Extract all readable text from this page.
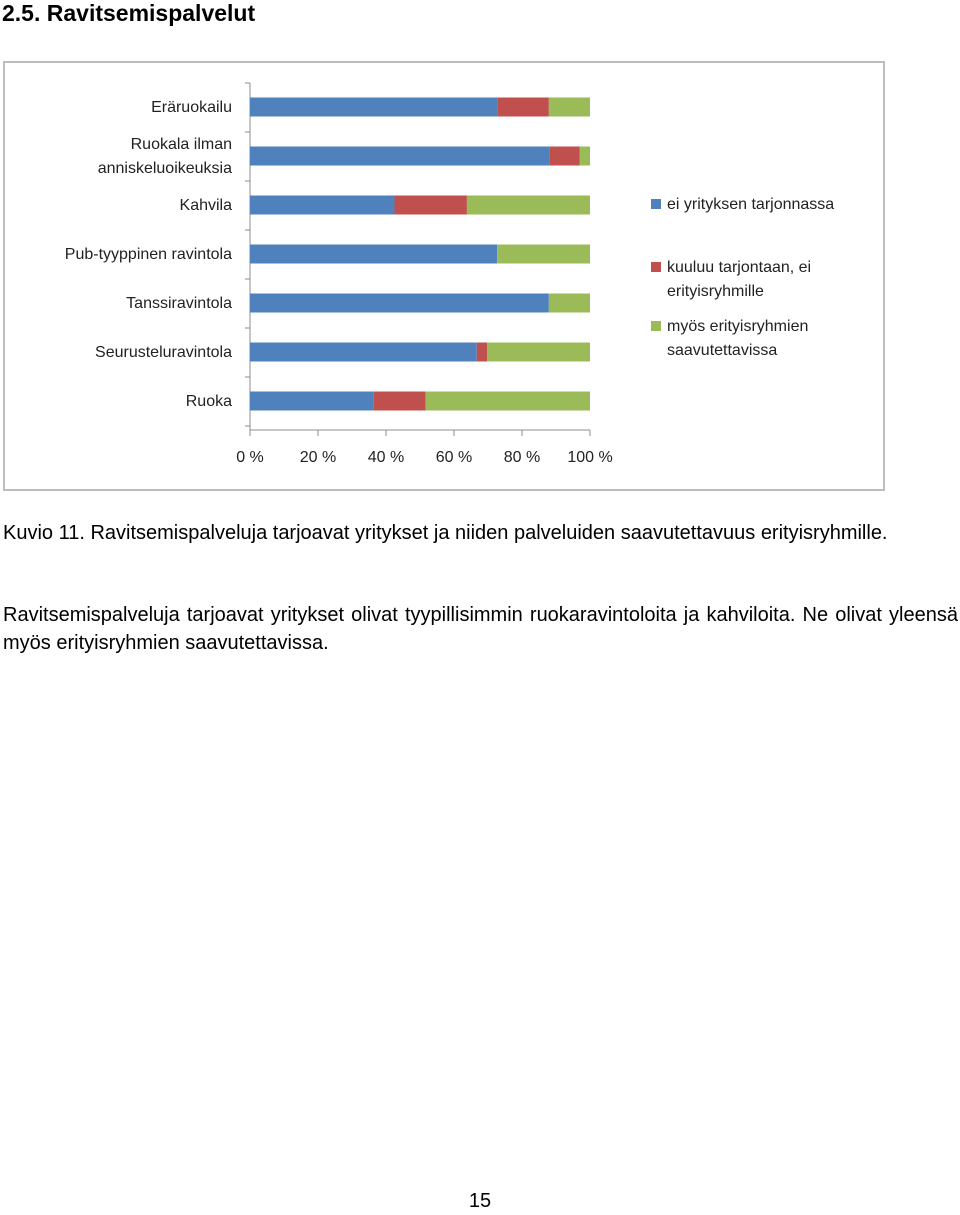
2.5. Ravitsemispalvelut
0 % 20 % 40 % 60 % 80 % 100 %
Eräruokailu
Ruokala ilman anniskeluoikeuksia
Kahvila
Pub-tyyppinen ravintola
Tanssiravintola
Seurusteluravintola
Ruoka
ei yrityksen tarjonnassa
kuuluu tarjontaan, ei erityisryhmille
myös erityisryhmien saavutettavissa
Kuvio 11. Ravitsemispalveluja tarjoavat yritykset ja niiden palveluiden saavutettavuus erityisryhmille.
Ravitsemispalveluja tarjoavat yritykset olivat tyypillisimmin ruokaravintoloita ja kahviloita. Ne olivat yleensä myös erityisryhmien saavutettavissa.
15
